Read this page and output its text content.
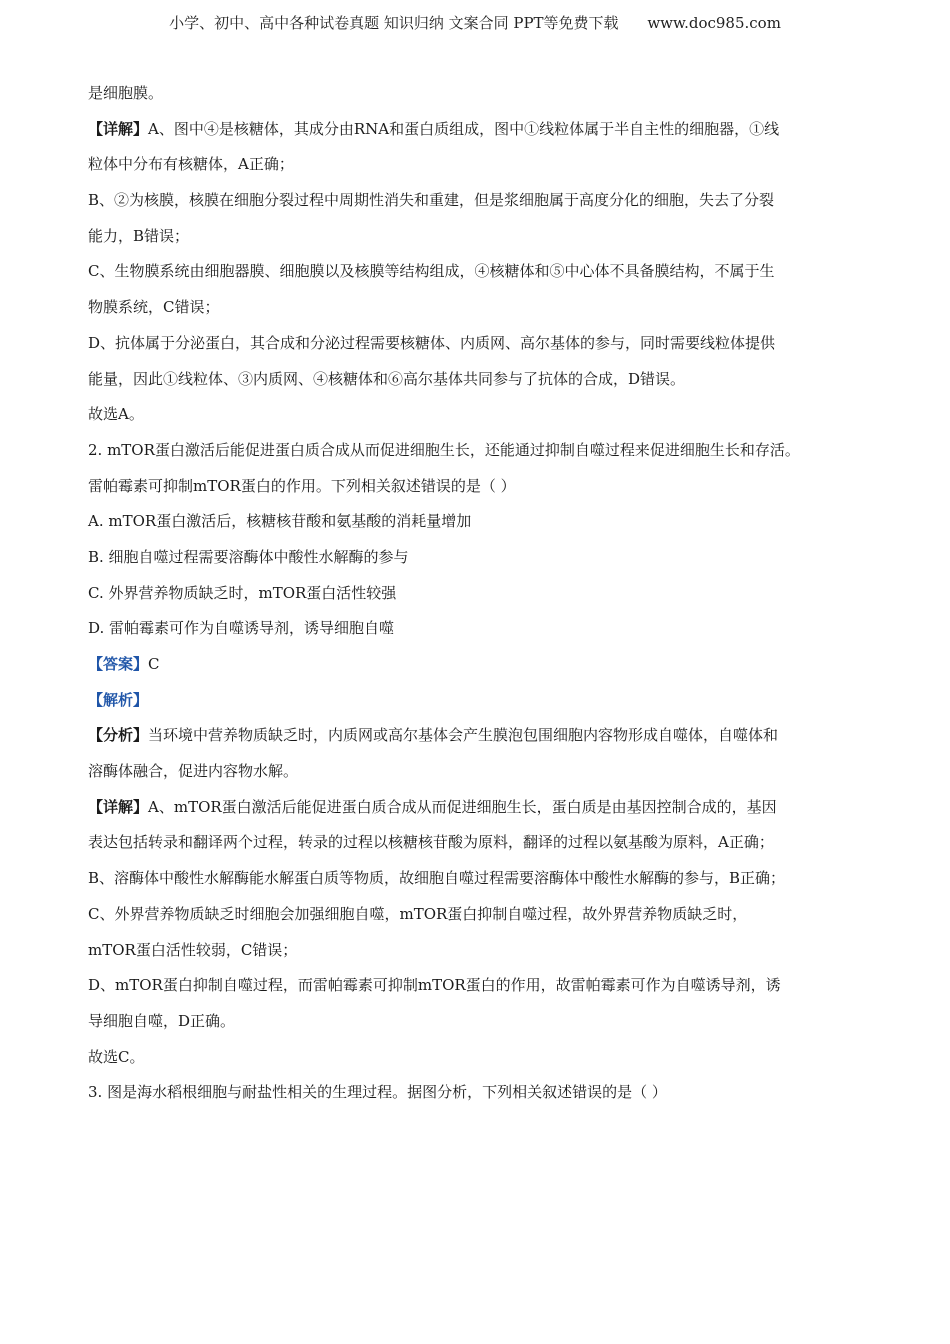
小学、初中、高中各种试卷真题 知识归纳 文案合同 PPT等免费下载 www.doc985.com
是细胞膜。
【详解】A、图中④是核糖体，其成分由RNA和蛋白质组成，图中①线粒体属于半自主性的细胞器，①线
粒体中分布有核糖体，A正确；
B、②为核膜，核膜在细胞分裂过程中周期性消失和重建，但是浆细胞属于高度分化的细胞，失去了分裂
能力，B错误；
C、生物膜系统由细胞器膜、细胞膜以及核膜等结构组成，④核糖体和⑤中心体不具备膜结构，不属于生
物膜系统，C错误；
D、抗体属于分泌蛋白，其合成和分泌过程需要核糖体、内质网、高尔基体的参与，同时需要线粒体提供
能量，因此①线粒体、③内质网、④核糖体和⑥高尔基体共同参与了抗体的合成，D错误。
故选A。
2. mTOR蛋白激活后能促进蛋白质合成从而促进细胞生长，还能通过抑制自噬过程来促进细胞生长和存活。
雷帕霉素可抑制mTOR蛋白的作用。下列相关叙述错误的是（ ）
A. mTOR蛋白激活后，核糖核苷酸和氨基酸的消耗量增加
B. 细胞自噬过程需要溶酶体中酸性水解酶的参与
C. 外界营养物质缺乏时，mTOR蛋白活性较强
D. 雷帕霉素可作为自噬诱导剂，诱导细胞自噬
【答案】C
【解析】
【分析】当环境中营养物质缺乏时，内质网或高尔基体会产生膜泡包围细胞内容物形成自噬体，自噬体和
溶酶体融合，促进内容物水解。
【详解】A、mTOR蛋白激活后能促进蛋白质合成从而促进细胞生长，蛋白质是由基因控制合成的，基因
表达包括转录和翻译两个过程，转录的过程以核糖核苷酸为原料，翻译的过程以氨基酸为原料，A正确；
B、溶酶体中酸性水解酶能水解蛋白质等物质，故细胞自噬过程需要溶酶体中酸性水解酶的参与，B正确；
C、外界营养物质缺乏时细胞会加强细胞自噬，mTOR蛋白抑制自噬过程，故外界营养物质缺乏时，
mTOR蛋白活性较弱，C错误；
D、mTOR蛋白抑制自噬过程，而雷帕霉素可抑制mTOR蛋白的作用，故雷帕霉素可作为自噬诱导剂，诱
导细胞自噬，D正确。
故选C。
3. 图是海水稻根细胞与耐盐性相关的生理过程。据图分析，下列相关叙述错误的是（ ）
